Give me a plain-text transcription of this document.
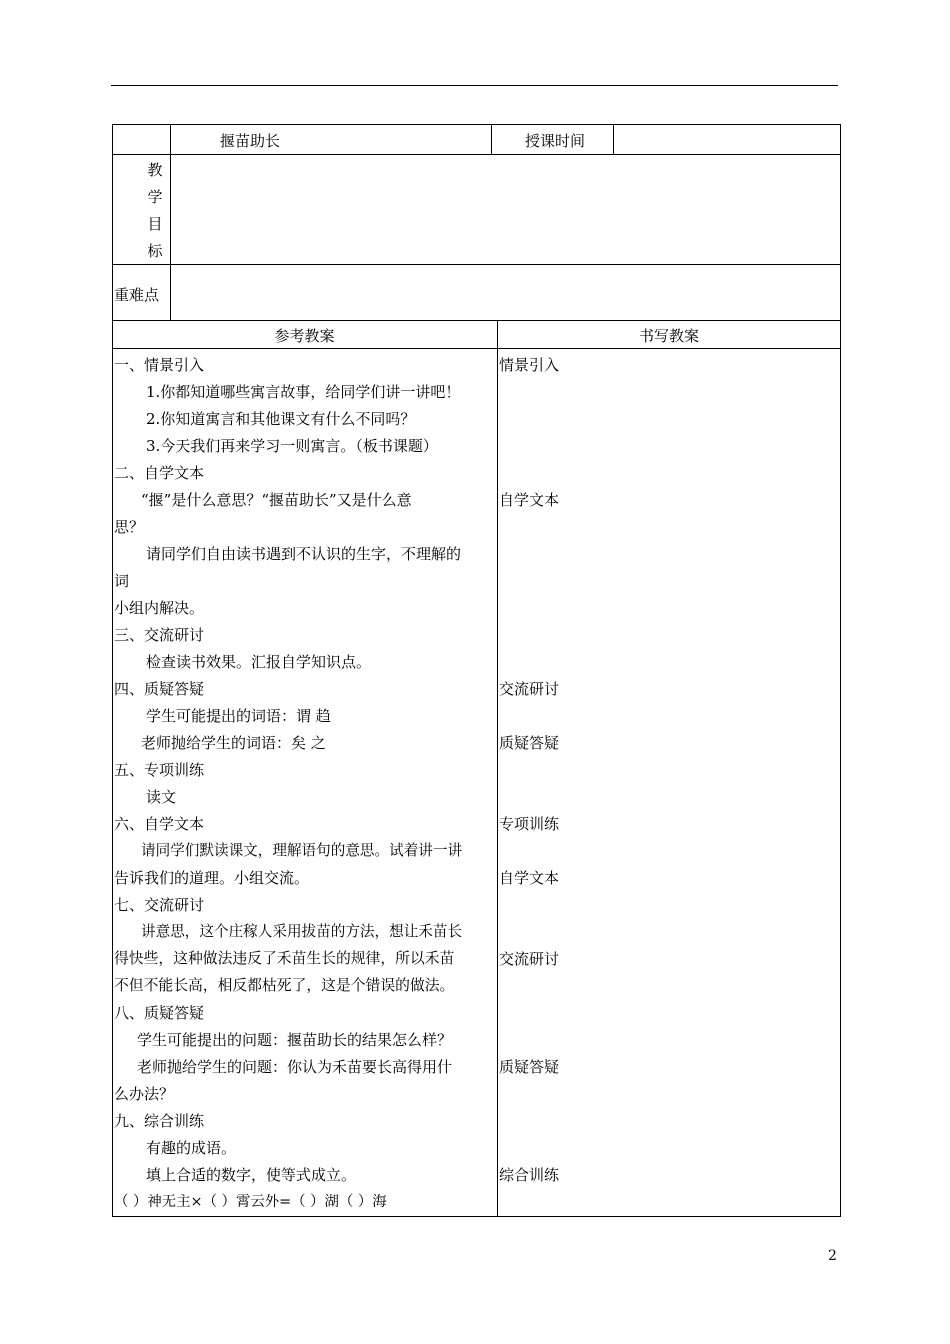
揠苗助长	授课时间
教
学
目
标
重难点
参考教案	书写教案
一、情景引入
1.你都知道哪些寓言故事，给同学们讲一讲吧！
2.你知道寓言和其他课文有什么不同吗？
3.今天我们再来学习一则寓言。（板书课题）
二、自学文本
“揠”是什么意思？“揠苗助长”又是什么意
思？
请同学们自由读书遇到不认识的生字，不理解的
词
小组内解决。
三、交流研讨
检查读书效果。汇报自学知识点。
四、质疑答疑
学生可能提出的词语：谓 趋
老师抛给学生的词语：矣 之
五、专项训练
读文
六、自学文本
请同学们默读课文，理解语句的意思。试着讲一讲
告诉我们的道理。小组交流。
七、交流研讨
讲意思，这个庄稼人采用拔苗的方法，想让禾苗长
得快些，这种做法违反了禾苗生长的规律，所以禾苗
不但不能长高，相反都枯死了，这是个错误的做法。
八、质疑答疑
学生可能提出的问题：揠苗助长的结果怎么样？
老师抛给学生的问题：你认为禾苗要长高得用什
么办法？
九、综合训练
有趣的成语。
填上合适的数字，使等式成立。
（ ）神无主×（ ）霄云外=（ ）湖（ ）海
情景引入
自学文本
交流研讨
质疑答疑
专项训练
自学文本
交流研讨
质疑答疑
综合训练
2
